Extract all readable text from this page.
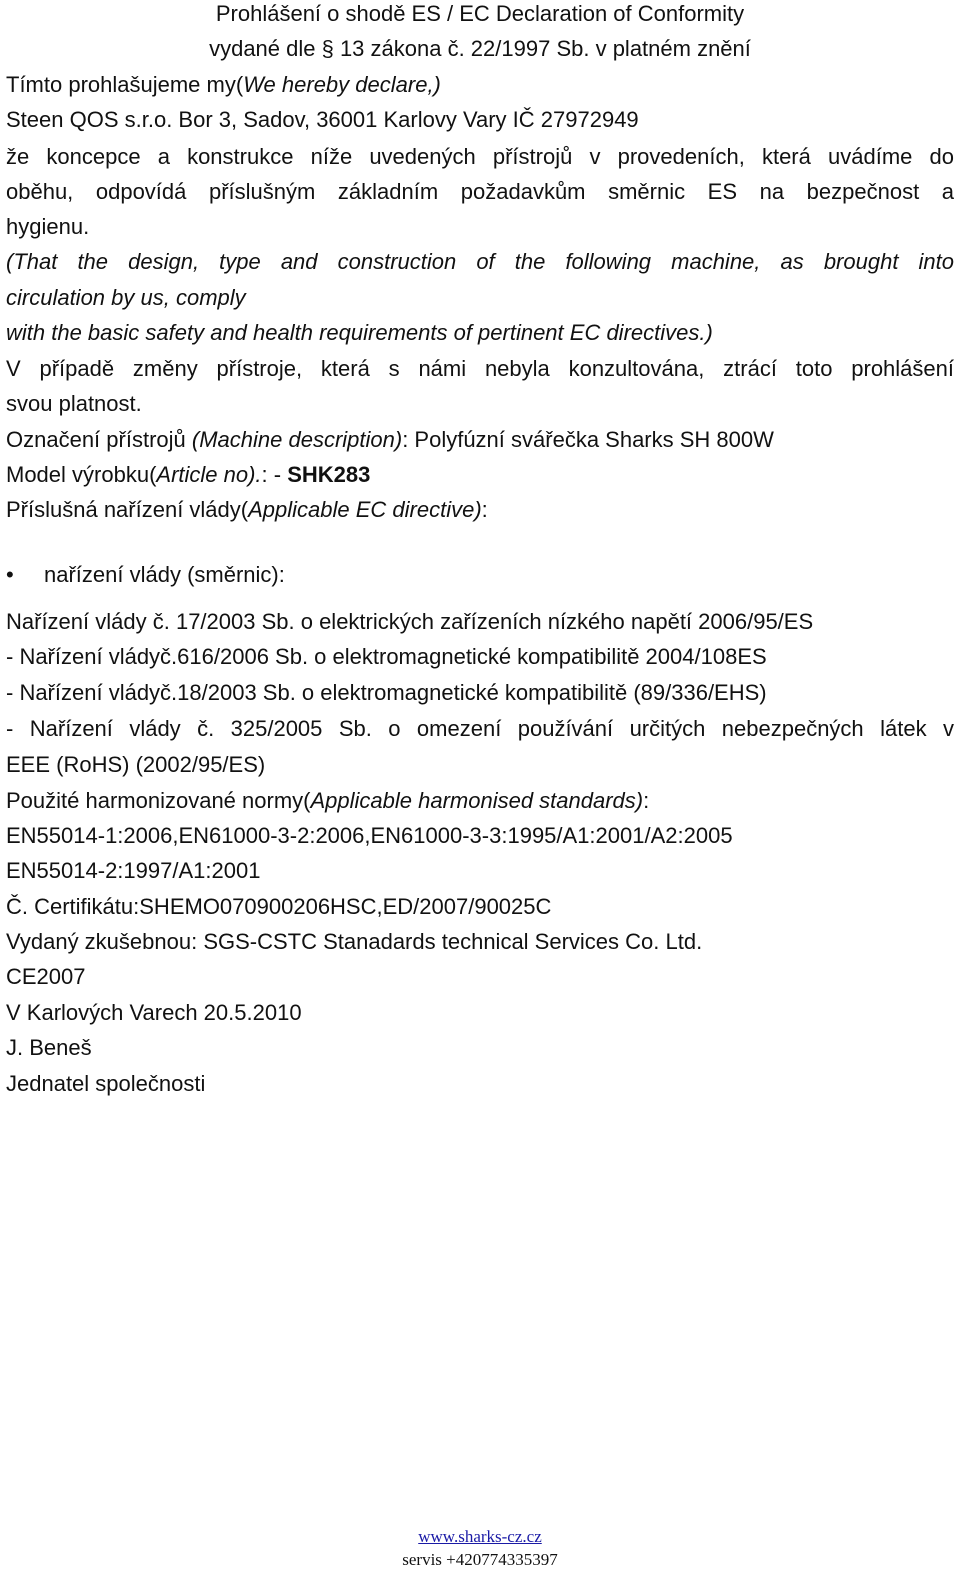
Prohlášení o shodě ES / EC Declaration of Conformity
vydané dle § 13 zákona č. 22/1997 Sb. v platném znění
Tímto prohlašujeme my(We hereby declare,)
Steen QOS s.r.o. Bor 3, Sadov, 36001 Karlovy Vary IČ 27972949
že koncepce a konstrukce níže uvedených přístrojů v provedeních, která uvádíme do
oběhu, odpovídá příslušným základním požadavkům směrnic ES na bezpečnost a
hygienu.
(That the design, type and construction of the following machine, as brought into
circulation by us, comply
with the basic safety and health requirements of pertinent EC directives.)
V případě změny přístroje, která s námi nebyla konzultována, ztrácí toto prohlášení
svou platnost.
Označení přístrojů (Machine description): Polyfúzní svářečka Sharks SH 800W
Model výrobku(Article no).: - SHK283
Příslušná nařízení vlády(Applicable EC directive):
• nařízení vlády (směrnic):
Nařízení vlády č. 17/2003 Sb. o elektrických zařízeních nízkého napětí 2006/95/ES
- Nařízení vládyč.616/2006 Sb. o elektromagnetické kompatibilitě 2004/108ES
- Nařízení vládyč.18/2003 Sb. o elektromagnetické kompatibilitě (89/336/EHS)
- Nařízení vlády č. 325/2005 Sb. o omezení používání určitých nebezpečných látek v
EEE (RoHS) (2002/95/ES)
Použité harmonizované normy(Applicable harmonised standards):
EN55014-1:2006,EN61000-3-2:2006,EN61000-3-3:1995/A1:2001/A2:2005
EN55014-2:1997/A1:2001
Č. Certifikátu:SHEMO070900206HSC,ED/2007/90025C
Vydaný zkušebnou: SGS-CSTC Stanadards technical Services Co. Ltd.
CE2007
V Karlových Varech 20.5.2010
J. Beneš
Jednatel společnosti
www.sharks-cz.cz
servis +420774335397
